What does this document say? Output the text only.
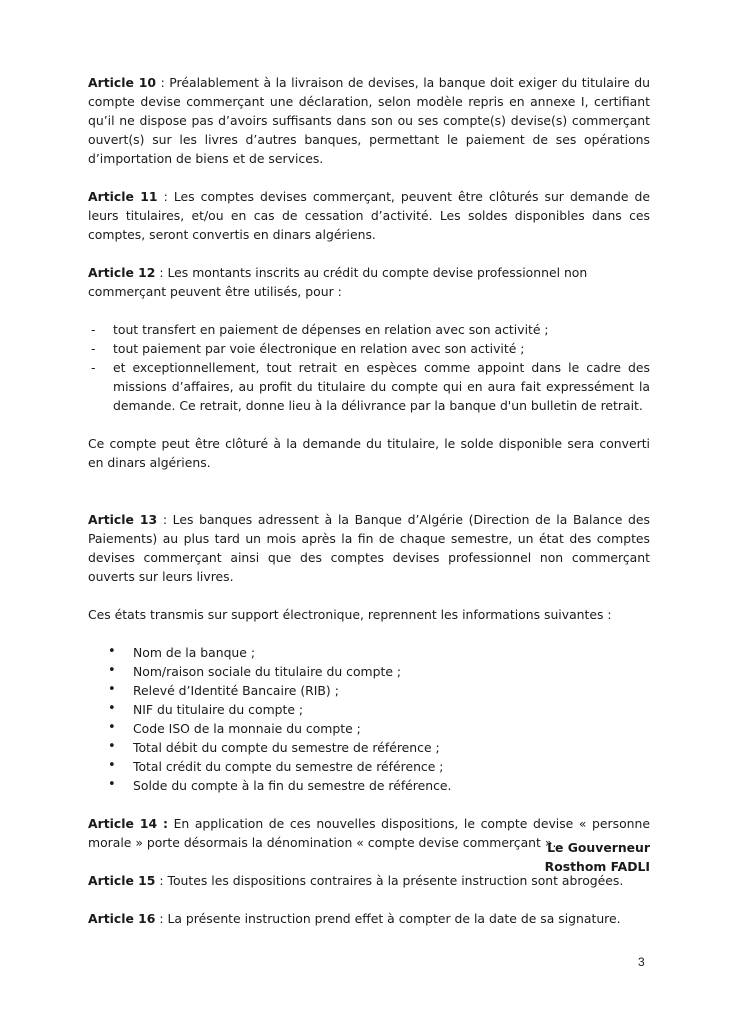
Article 10 : Préalablement à la livraison de devises, la banque doit exiger du titulaire du compte devise commerçant une déclaration, selon modèle repris en annexe I, certifiant qu’il ne dispose pas d’avoirs suffisants dans son ou ses compte(s) devise(s) commerçant ouvert(s) sur les livres d’autres banques, permettant le paiement de ses opérations d’importation de biens et de services.

Article 11 : Les comptes devises commerçant, peuvent être clôturés sur demande de leurs titulaires, et/ou en cas de cessation d’activité. Les soldes disponibles dans ces comptes, seront convertis en dinars algériens.

Article 12 : Les montants inscrits au crédit du compte devise professionnel non commerçant peuvent être utilisés, pour :

- tout transfert en paiement de dépenses en relation avec son activité ;
- tout paiement par voie électronique en relation avec son activité ;
- et exceptionnellement, tout retrait en espèces comme appoint dans le cadre des missions d’affaires, au profit du titulaire du compte qui en aura fait expressément la demande. Ce retrait, donne lieu à la délivrance par la banque d'un bulletin de retrait.

Ce compte peut être clôturé à la demande du titulaire, le solde disponible sera converti en dinars algériens.

Article 13 : Les banques adressent à la Banque d’Algérie (Direction de la Balance des Paiements) au plus tard un mois après la fin de chaque semestre, un état des comptes devises commerçant ainsi que des comptes devises professionnel non commerçant ouverts sur leurs livres.

Ces états transmis sur support électronique, reprennent les informations suivantes :

• Nom de la banque ;
• Nom/raison sociale du titulaire du compte ;
• Relevé d’Identité Bancaire (RIB) ;
• NIF du titulaire du compte ;
• Code ISO de la monnaie du compte ;
• Total débit du compte du semestre de référence ;
• Total crédit du compte du semestre de référence ;
• Solde du compte à la fin du semestre de référence.

Article 14 : En application de ces nouvelles dispositions, le compte devise « personne morale » porte désormais la dénomination « compte devise commerçant ».

Article 15 : Toutes les dispositions contraires à la présente instruction sont abrogées.

Article 16 : La présente instruction prend effet à compter de la date de sa signature.

Le Gouverneur
Rosthom FADLI
3
